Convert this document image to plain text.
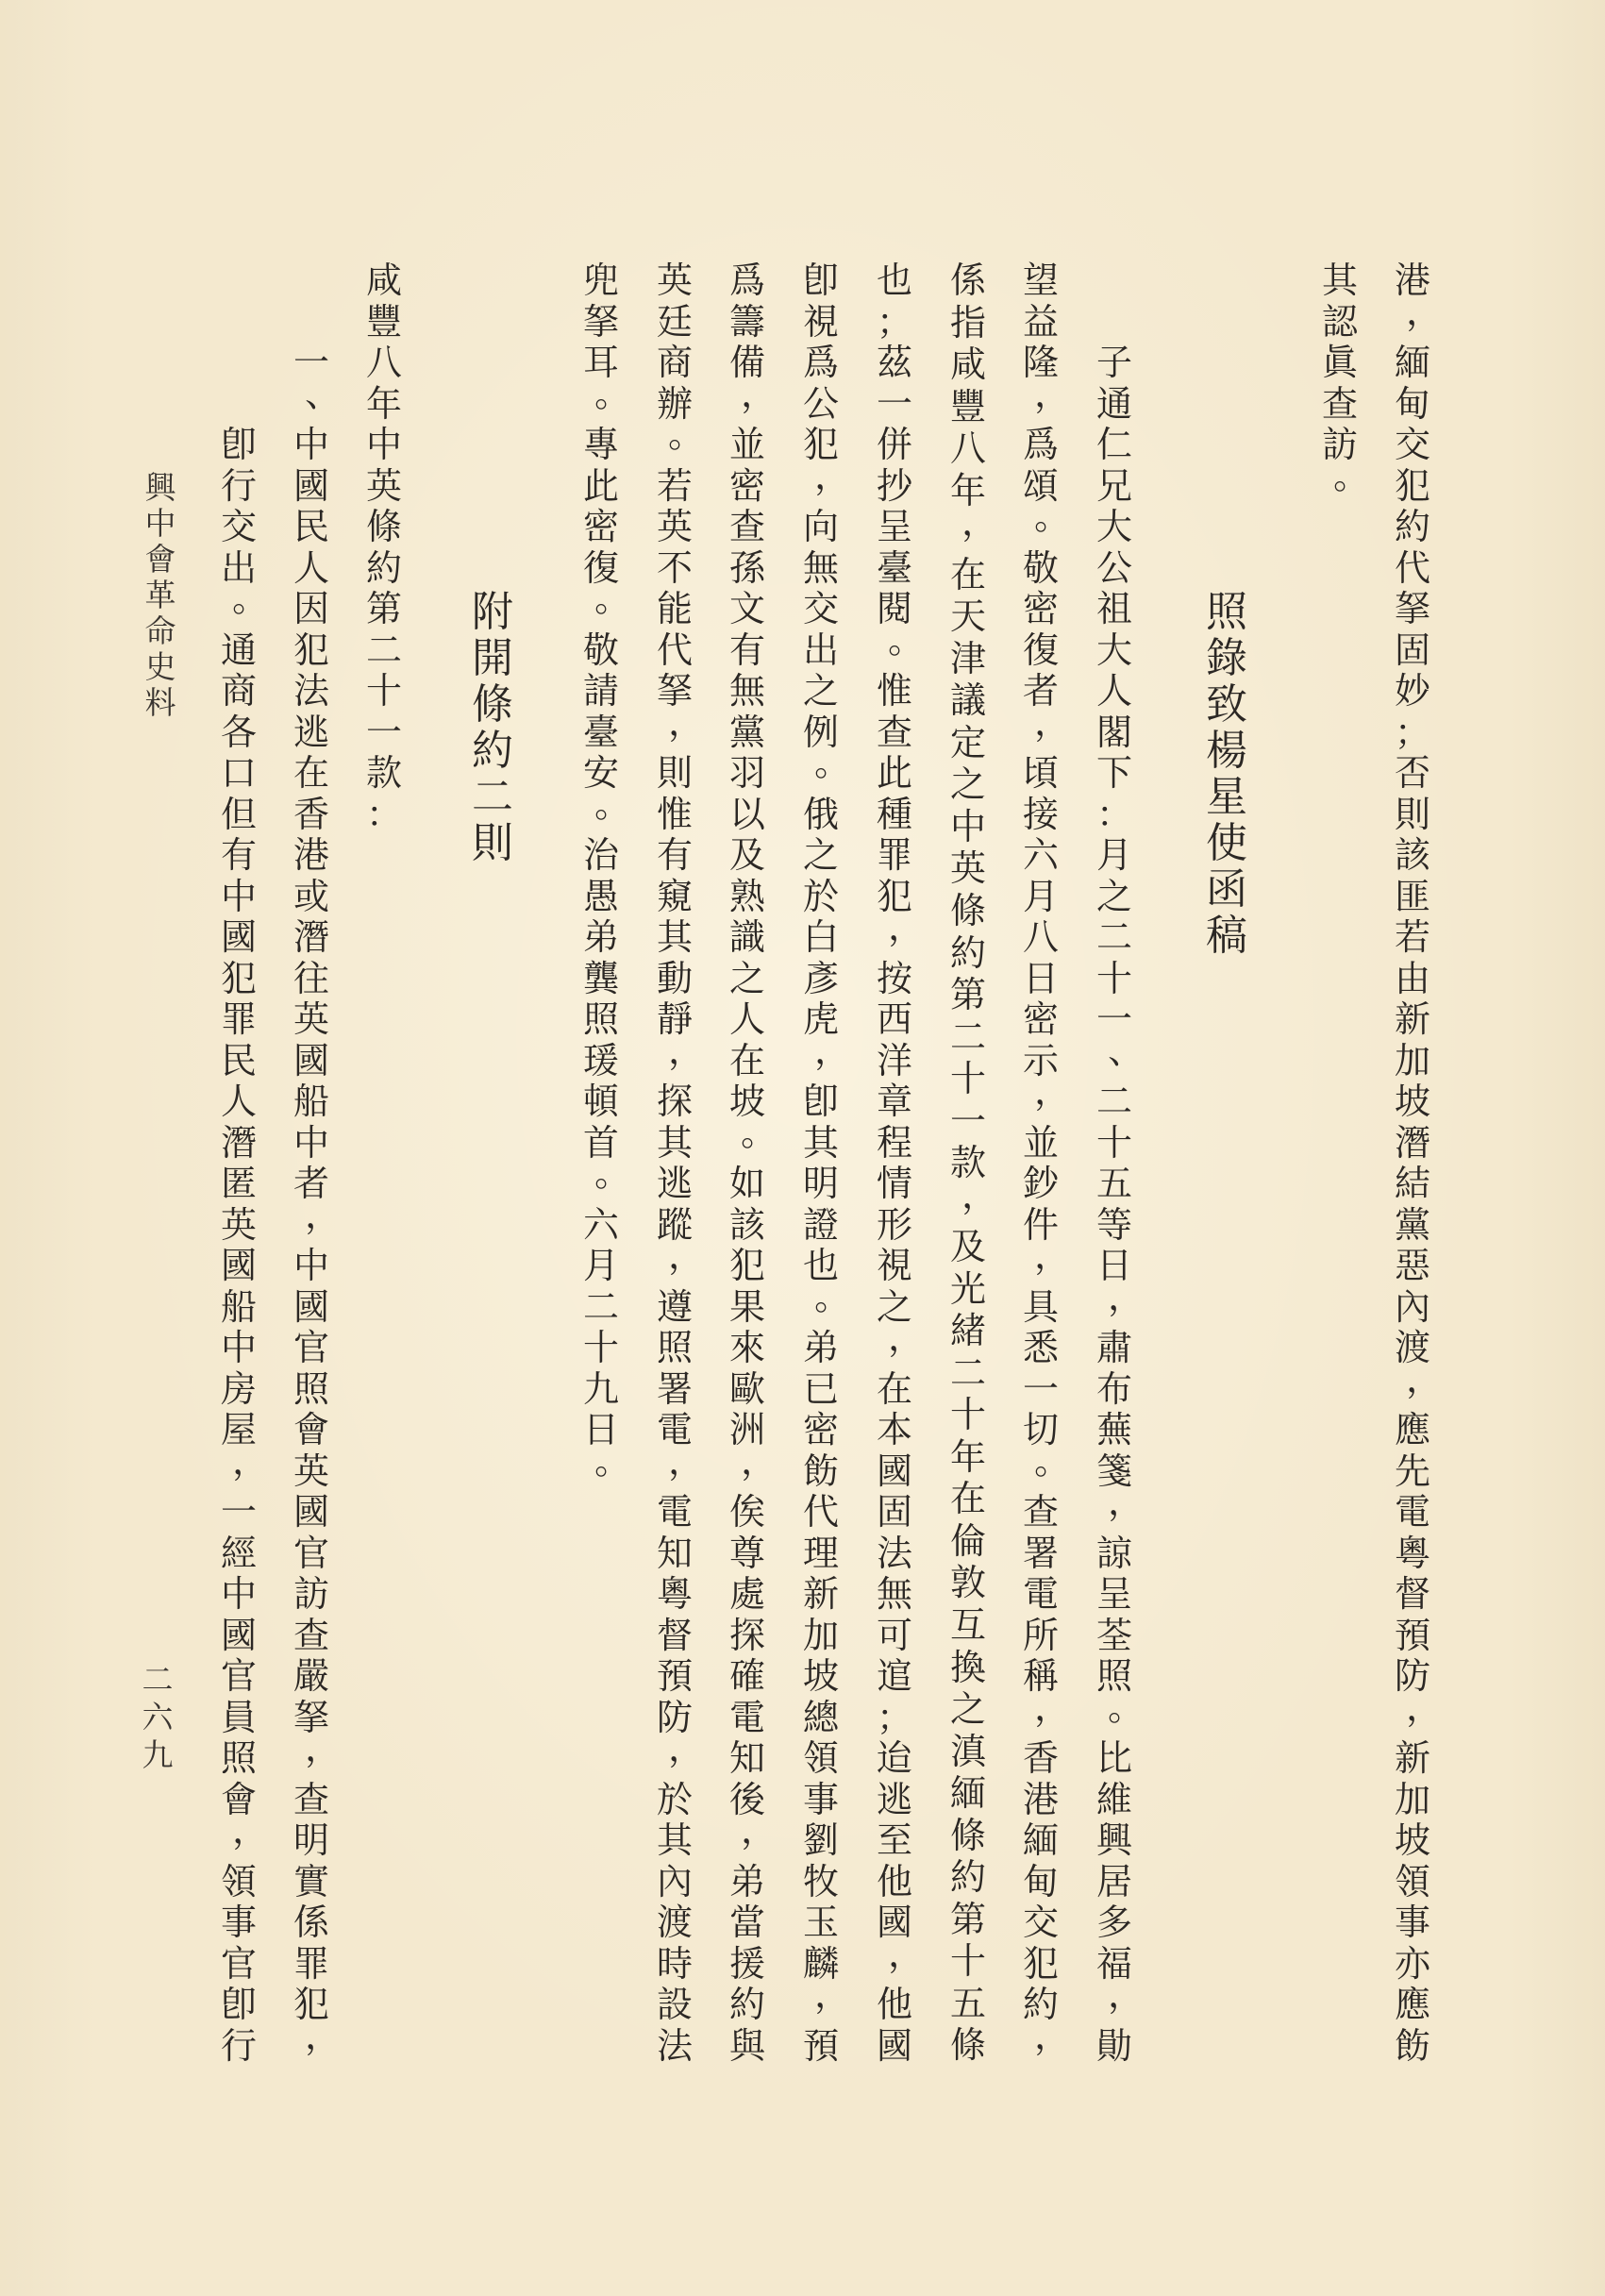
港
，
緬
甸
交
犯
約
代
拏
固
妙
；
否
則
該
匪
若
由
新
加
坡
潛
結
黨
惡
內
渡
，
應
先
電
粵
督
預
防
，
新
加
坡
領
事
亦
應
飭
其
認
眞
查
訪
。
照
錄
致
楊
星
使
函
稿
子
通
仁
兄
大
公
祖
大
人
閣
下
：
月
之
二
十
一
、
二
十
五
等
日
，
肅
布
蕪
箋
，
諒
呈
荃
照
。
比
維
興
居
多
福
，
勛
望
益
隆
，
爲
頌
。
敬
密
復
者
，
頃
接
六
月
八
日
密
示
，
並
鈔
件
，
具
悉
一
切
。
查
署
電
所
稱
，
香
港
緬
甸
交
犯
約
，
係
指
咸
豐
八
年
，
在
天
津
議
定
之
中
英
條
約
第
二
十
一
款
，
及
光
緒
二
十
年
在
倫
敦
互
換
之
滇
緬
條
約
第
十
五
條
也
；
茲
一
併
抄
呈
臺
閱
。
惟
查
此
種
罪
犯
，
按
西
洋
章
程
情
形
視
之
，
在
本
國
固
法
無
可
逭
；
迨
逃
至
他
國
，
他
國
卽
視
爲
公
犯
，
向
無
交
出
之
例
。
俄
之
於
白
彥
虎
，
卽
其
明
證
也
。
弟
已
密
飭
代
理
新
加
坡
總
領
事
劉
牧
玉
麟
，
預
爲
籌
備
，
並
密
查
孫
文
有
無
黨
羽
以
及
熟
識
之
人
在
坡
。
如
該
犯
果
來
歐
洲
，
俟
尊
處
探
確
電
知
後
，
弟
當
援
約
與
英
廷
商
辦
。
若
英
不
能
代
拏
，
則
惟
有
窺
其
動
靜
，
探
其
逃
蹤
，
遵
照
署
電
，
電
知
粵
督
預
防
，
於
其
內
渡
時
設
法
兜
拏
耳
。
專
此
密
復
。
敬
請
臺
安
。
治
愚
弟
龔
照
瑗
頓
首
。
六
月
二
十
九
日
。
附
開
條
約
二
則
咸
豐
八
年
中
英
條
約
第
二
十
一
款
：
一
、
中
國
民
人
因
犯
法
逃
在
香
港
或
潛
往
英
國
船
中
者
，
中
國
官
照
會
英
國
官
訪
查
嚴
拏
，
查
明
實
係
罪
犯
，
卽
行
交
出
。
通
商
各
口
但
有
中
國
犯
罪
民
人
潛
匿
英
國
船
中
房
屋
，
一
經
中
國
官
員
照
會
，
領
事
官
卽
行
興
中
會
革
命
史
料
二
六
九
